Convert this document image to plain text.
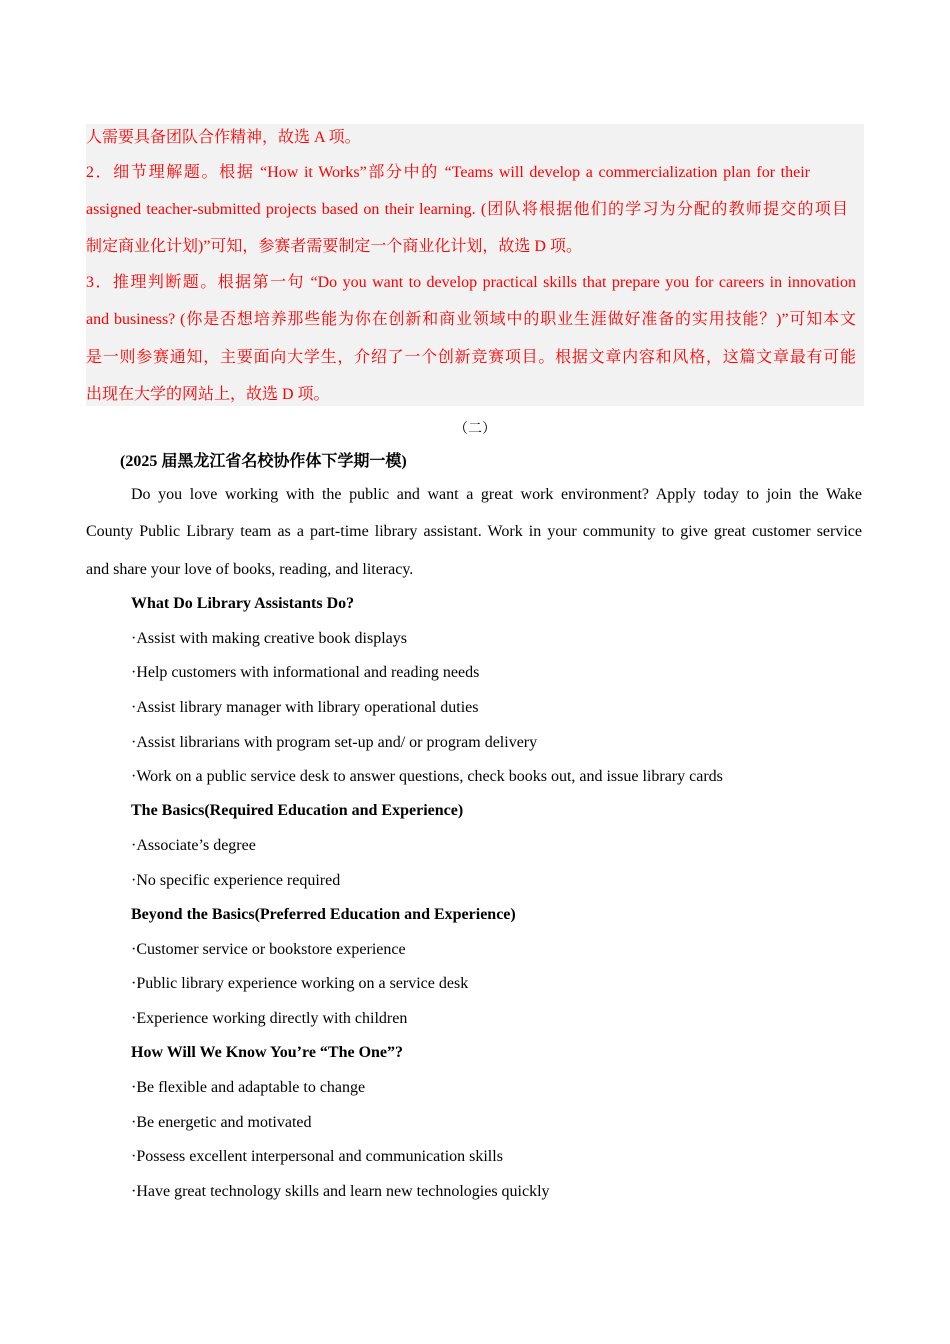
人需要具备团队合作精神，故选 A 项。
2．细节理解题。根据 “How it Works”部分中的 “Teams will develop a commercialization plan for their
assigned teacher-submitted projects based on their learning. (团队将根据他们的学习为分配的教师提交的项目
制定商业化计划)”可知，参赛者需要制定一个商业化计划，故选 D 项。
3．推理判断题。根据第一句 “Do you want to develop practical skills that prepare you for careers in innovation
and business? (你是否想培养那些能为你在创新和商业领域中的职业生涯做好准备的实用技能？)”可知本文
是一则参赛通知，主要面向大学生，介绍了一个创新竞赛项目。根据文章内容和风格，这篇文章最有可能
出现在大学的网站上，故选 D 项。
（二）
(2025 届黑龙江省名校协作体下学期一模)
Do you love working with the public and want a great work environment? Apply today to join the Wake
County Public Library team as a part-time library assistant. Work in your community to give great customer service
and share your love of books, reading, and literacy.
What Do Library Assistants Do?
·Assist with making creative book displays
·Help customers with informational and reading needs
·Assist library manager with library operational duties
·Assist librarians with program set-up and/ or program delivery
·Work on a public service desk to answer questions, check books out, and issue library cards
The Basics(Required Education and Experience)
·Associate’s degree
·No specific experience required
Beyond the Basics(Preferred Education and Experience)
·Customer service or bookstore experience
·Public library experience working on a service desk
·Experience working directly with children
How Will We Know You’re “The One”?
·Be flexible and adaptable to change
·Be energetic and motivated
·Possess excellent interpersonal and communication skills
·Have great technology skills and learn new technologies quickly
